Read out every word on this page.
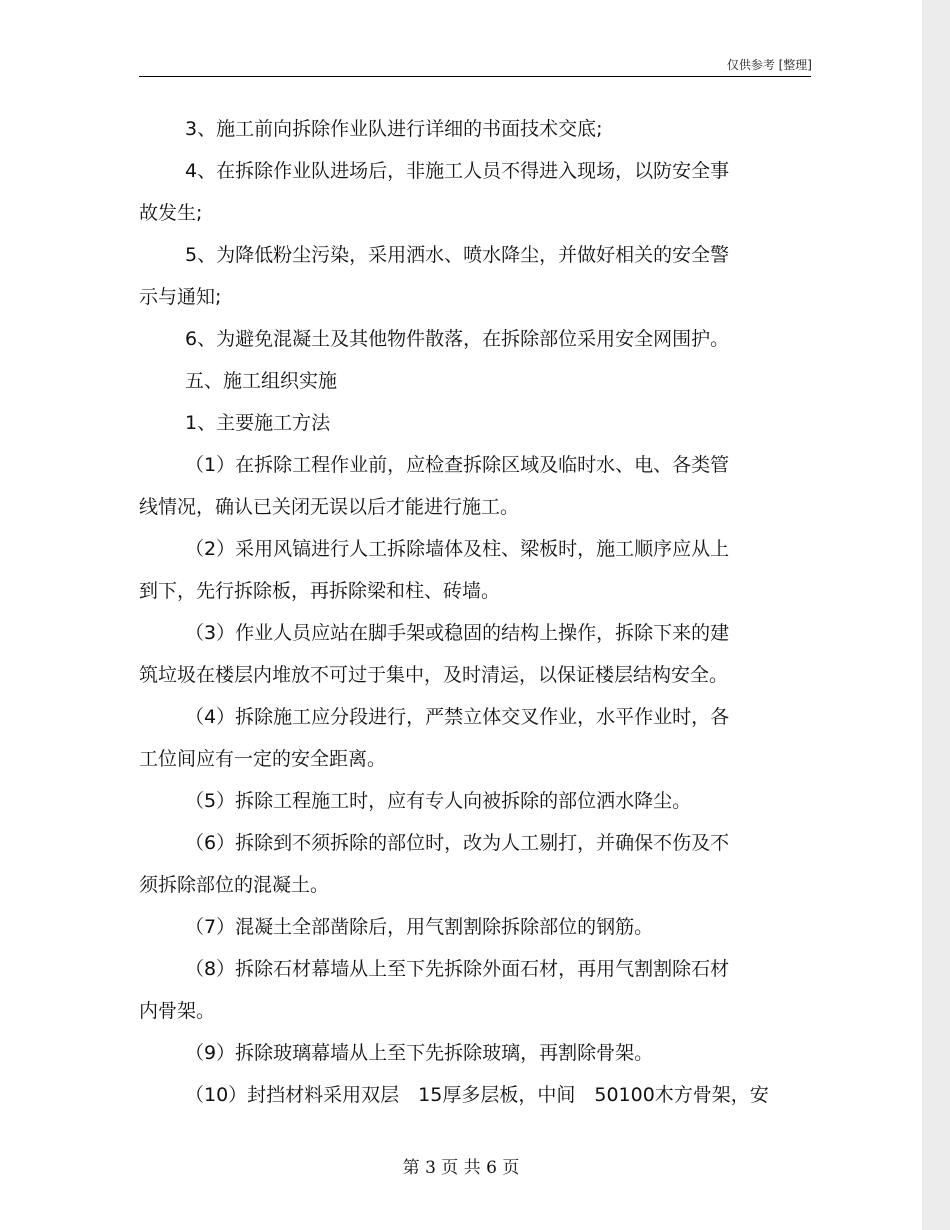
仅供参考 [整理]
3、施工前向拆除作业队进行详细的书面技术交底;
4、在拆除作业队进场后，非施工人员不得进入现场，以防安全事
故发生;
5、为降低粉尘污染，采用洒水、喷水降尘，并做好相关的安全警
示与通知;
6、为避免混凝土及其他物件散落，在拆除部位采用安全网围护。
五、施工组织实施
1、主要施工方法
（1）在拆除工程作业前，应检查拆除区域及临时水、电、各类管
线情况，确认已关闭无误以后才能进行施工。
（2）采用风镐进行人工拆除墙体及柱、梁板时，施工顺序应从上
到下，先行拆除板，再拆除梁和柱、砖墙。
（3）作业人员应站在脚手架或稳固的结构上操作，拆除下来的建
筑垃圾在楼层内堆放不可过于集中，及时清运，以保证楼层结构安全。
（4）拆除施工应分段进行，严禁立体交叉作业，水平作业时，各
工位间应有一定的安全距离。
（5）拆除工程施工时，应有专人向被拆除的部位洒水降尘。
（6）拆除到不须拆除的部位时，改为人工剔打，并确保不伤及不
须拆除部位的混凝土。
（7）混凝土全部凿除后，用气割割除拆除部位的钢筋。
（8）拆除石材幕墙从上至下先拆除外面石材，再用气割割除石材
内骨架。
（9）拆除玻璃幕墙从上至下先拆除玻璃，再割除骨架。
（10）封挡材料采用双层　15厚多层板，中间　50100木方骨架，安
第 3 页 共 6 页
